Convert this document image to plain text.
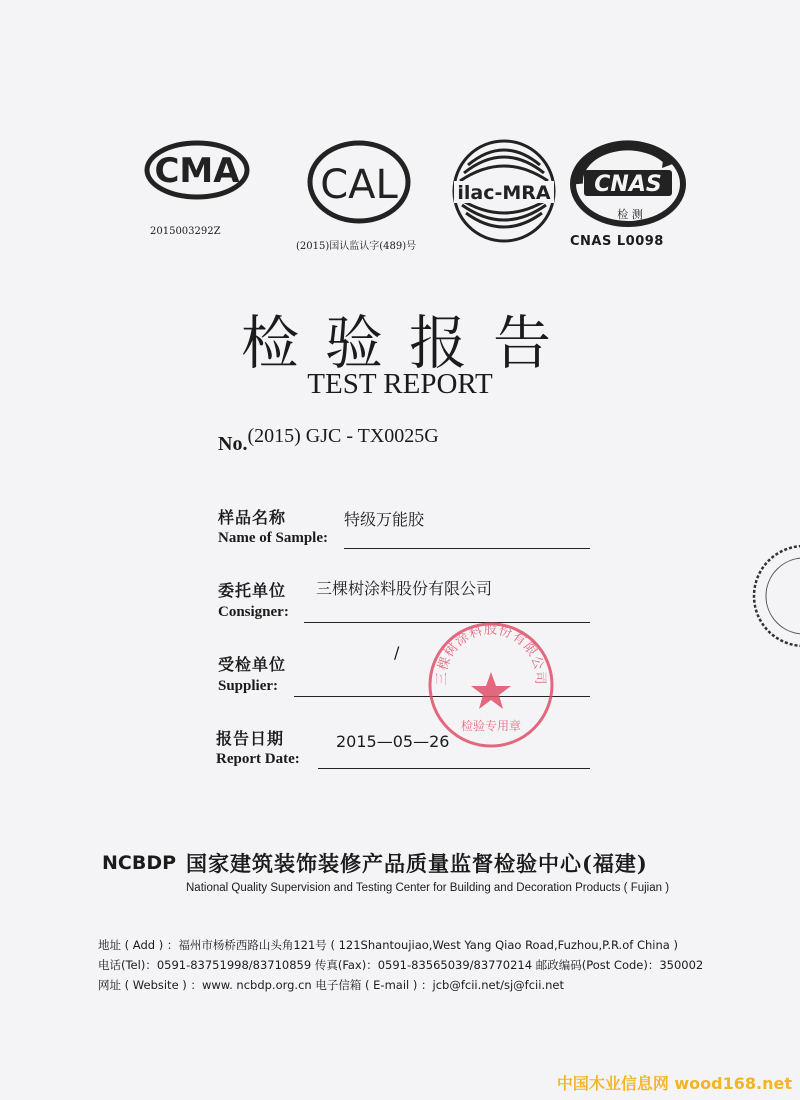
CMA
2015003292Z
CAL
(2015)国认监认字(489)号
ilac-MRA CNAS
检 测
CNAS L0098
检验报告
TEST REPORT
No.(2015) GJC - TX0025G
样品名称	特级万能胶
Name of Sample:
委托单位 三棵树涂料股份有限公司
Consigner:
受检单位
/
Supplier:
报告日期	2015—05—26
Report Date:
三棵树涂料股份有限公司
检验专用章
NCBDP 国家建筑装饰装修产品质量监督检验中心(福建)
National Quality Supervision and Testing Center for Building and Decoration Products ( Fujian )
地址 ( Add ) ：福州市杨桥西路山头角121号 ( 121Shantoujiao,West Yang Qiao Road,Fuzhou,P.R.of China )
电话(Tel)：0591-83751998/83710859 传真(Fax)：0591-83565039/83770214 邮政编码(Post Code)：350002
网址 ( Website ) ：www. ncbdp.org.cn 电子信箱 ( E-mail ) ：jcb@fcii.net/sj@fcii.net
中国木业信息网 wood168.net
